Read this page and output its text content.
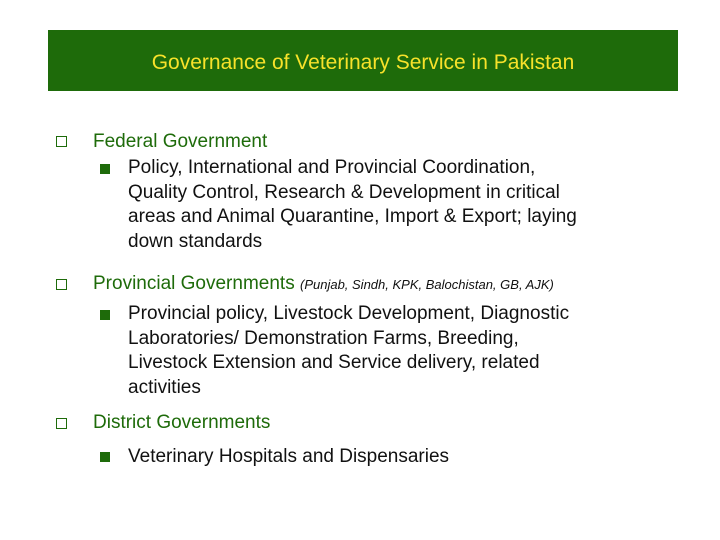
Governance of Veterinary Service in Pakistan
Federal Government
Policy, International and Provincial Coordination,
Quality Control, Research & Development in critical
areas and Animal Quarantine, Import & Export; laying
down standards
Provincial Governments (Punjab, Sindh, KPK, Balochistan, GB, AJK)
Provincial policy, Livestock Development, Diagnostic
Laboratories/ Demonstration Farms, Breeding,
Livestock Extension and Service delivery, related
activities
District Governments
Veterinary Hospitals and Dispensaries
